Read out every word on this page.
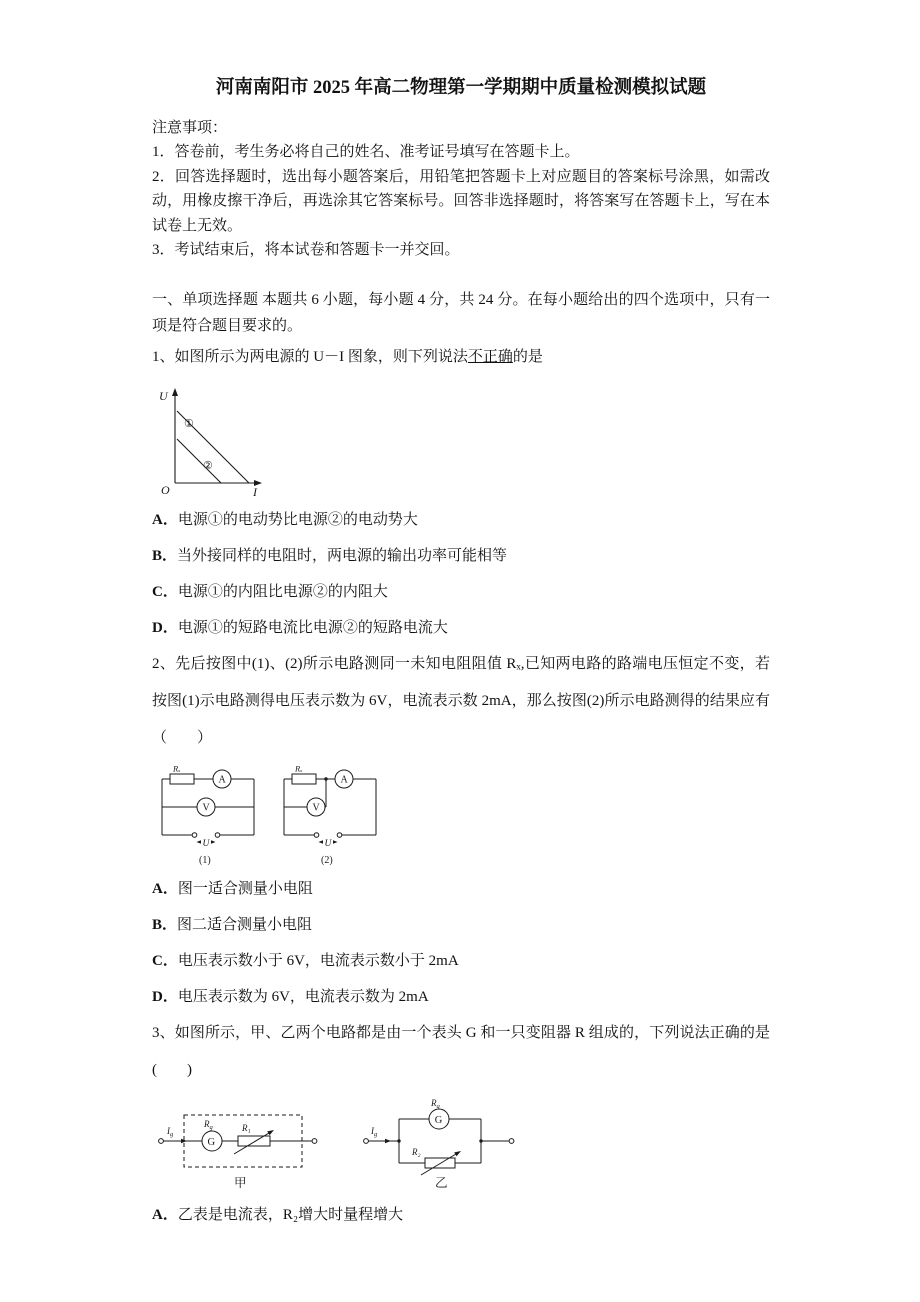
河南南阳市 2025 年高二物理第一学期期中质量检测模拟试题

注意事项：

1．答卷前，考生务必将自己的姓名、准考证号填写在答题卡上。

2．回答选择题时，选出每小题答案后，用铅笔把答题卡上对应题目的答案标号涂黑，如需改动，用橡皮擦干净后，再选涂其它答案标号。回答非选择题时，将答案写在答题卡上，写在本试卷上无效。

3．考试结束后，将本试卷和答题卡一并交回。

一、单项选择题 本题共 6 小题，每小题 4 分，共 24 分。在每小题给出的四个选项中，只有一项是符合题目要求的。

1、如图所示为两电源的 U－I 图象，则下列说法不正确的是

U
I
O
①
②

A．电源①的电动势比电源②的电动势大

B．当外接同样的电阻时，两电源的输出功率可能相等

C．电源①的内阻比电源②的内阻大

D．电源①的短路电流比电源②的短路电流大

2、先后按图中(1)、(2)所示电路测同一未知电阻阻值 Rₓ,已知两电路的路端电压恒定不变，若按图(1)示电路测得电压表示数为 6V，电流表示数 2mA，那么按图(2)所示电路测得的结果应有（　　）

Rₓ
A
V
U
(1)
Rₓ
A
V
U
(2)

A．图一适合测量小电阻

B．图二适合测量小电阻

C．电压表示数小于 6V，电流表示数小于 2mA

D．电压表示数为 6V，电流表示数为 2mA

3、如图所示，甲、乙两个电路都是由一个表头 G 和一只变阻器 R 组成的，下列说法正确的是(　　)

$I_g$
$R_g$
G
R₁
甲
$I_g$
$R_g$
G
R₂
乙

A．乙表是电流表，R₂增大时量程增大
